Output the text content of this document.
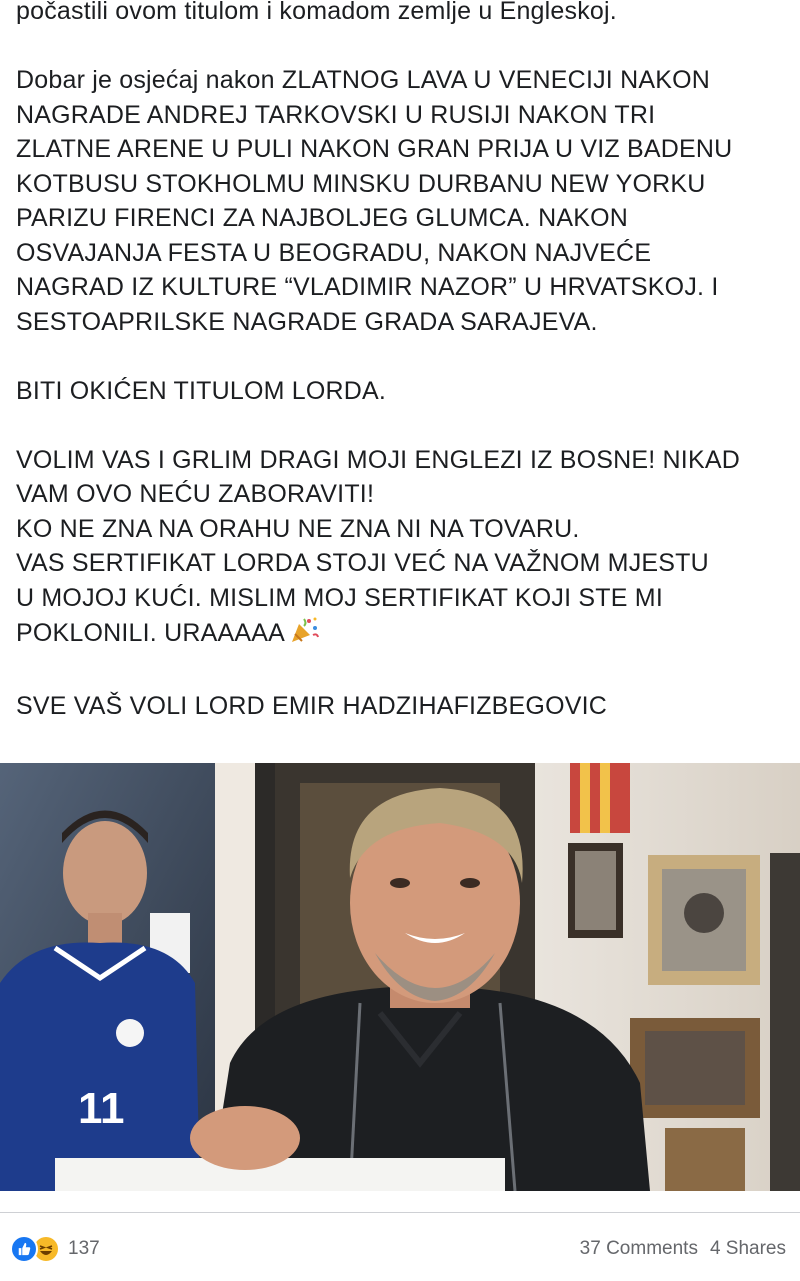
počastili ovom titulom i komadom zemlje u Engleskoj.

Dobar je osjećaj nakon ZLATNOG LAVA U VENECIJI NAKON

NAGRADE ANDREJ TARKOVSKI U RUSIJI NAKON TRI

ZLATNE ARENE U PULI NAKON GRAN PRIJA U VIZ BADENU

KOTBUSU STOKHOLMU MINSKU DURBANU NEW YORKU

PARIZU FIRENCI ZA NAJBOLJEG GLUMCA. NAKON

OSVAJANJA FESTA U BEOGRADU, NAKON NAJVEĆE

NAGRAD IZ KULTURE “VLADIMIR NAZOR” U HRVATSKOJ. I

SESTOAPRILSKE NAGRADE GRADA SARAJEVA.

BITI OKIĆEN TITULOM LORDA.

VOLIM VAS I GRLIM DRAGI MOJI ENGLEZI IZ BOSNE! NIKAD

VAM OVO NEĆU ZABORAVITI!

KO NE ZNA NA ORAHU NE ZNA NI NA TOVARU.

VAS SERTIFIKAT LORDA STOJI VEĆ NA VAŽNOM MJESTU

U MOJOJ KUĆI. MISLIM MOJ SERTIFIKAT KOJI STE MI

POKLONILI. URAAAAA

SVE VAŠ VOLI LORD EMIR HADZIHAFIZBEGOVIC

11
137	37 Comments 4 Shares
